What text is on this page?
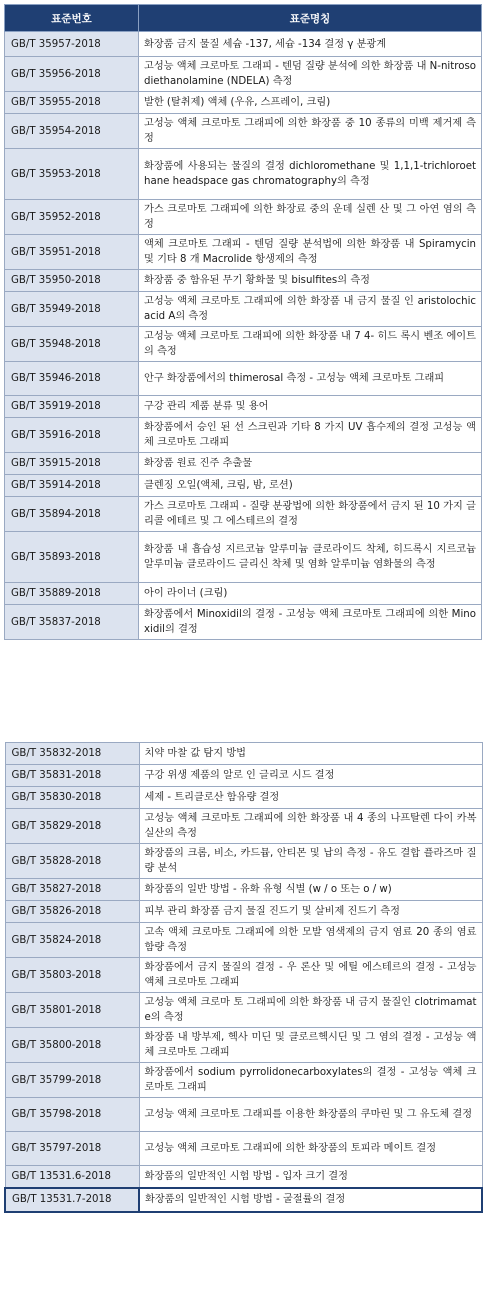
표준번호	표준명칭
GB/T 35957-2018	화장품 금지 물질 세슘 -137, 세슘 -134 결정 γ 분광계
GB/T 35956-2018	고성능 액체 크로마토 그래피 - 텐덤 질량 분석에 의한 화장품 내 N-nitrosodiethanolamine (NDELA) 측정
GB/T 35955-2018	발한 (탈취제) 액체 (우유, 스프레이, 크림)
GB/T 35954-2018	고성능 액체 크로마토 그래피에 의한 화장품 중 10 종류의 미백 제거제 측정
GB/T 35953-2018	화장품에 사용되는 물질의 결정 dichloromethane 및 1,1,1-trichloroethane headspace gas chromatography의 측정
GB/T 35952-2018	가스 크로마토 그래피에 의한 화장료 중의 운데 실렌 산 및 그 아연 염의 측정
GB/T 35951-2018	액체 크로마토 그래피 - 텐덤 질량 분석법에 의한 화장품 내 Spiramycin 및 기타 8 개 Macrolide 항생제의 측정
GB/T 35950-2018	화장품 중 함유된 무기 황화물 및 bisulfites의 측정
GB/T 35949-2018	고성능 액체 크로마토 그래피에 의한 화장품 내 금지 물질 인 aristolochic acid A의 측정
GB/T 35948-2018	고성능 액체 크로마토 그래피에 의한 화장품 내 7 4- 히드 록시 벤조 에이트의 측정
GB/T 35946-2018	안구 화장품에서의 thimerosal 측정 - 고성능 액체 크로마토 그래피
GB/T 35919-2018	구강 관리 제품 분류 및 용어
GB/T 35916-2018	화장품에서 승인 된 선 스크린과 기타 8 가지 UV 흡수제의 결정 고성능 액체 크로마토 그래피
GB/T 35915-2018	화장품 원료 진주 추출물
GB/T 35914-2018	클렌징 오일(액체, 크림, 밤, 로션)
GB/T 35894-2018	가스 크로마토 그래피 - 질량 분광법에 의한 화장품에서 금지 된 10 가지 글리콜 에테르 및 그 에스테르의 결정
GB/T 35893-2018	화장품 내 흡습성 지르코늄 알루미늄 클로라이드 착체, 히드록시 지르코늄 알루미늄 클로라이드 글리신 착체 및 염화 알루미늄 염화물의 측정
GB/T 35889-2018	아이 라이너 (크림)
GB/T 35837-2018	화장품에서 Minoxidil의 결정 - 고성능 액체 크로마토 그래피에 의한 Minoxidil의 결정
GB/T 35832-2018	치약 마찰 값 탐지 방법
GB/T 35831-2018	구강 위생 제품의 알로 인 글리코 시드 결정
GB/T 35830-2018	세제 - 트리클로산 함유량 결정
GB/T 35829-2018	고성능 액체 크로마토 그래피에 의한 화장품 내 4 종의 나프탈렌 다이 카복실산의 측정
GB/T 35828-2018	화장품의 크롬, 비소, 카드뮴, 안티몬 및 납의 측정 - 유도 결합 플라즈마 질량 분석
GB/T 35827-2018	화장품의 일반 방법 - 유화 유형 식별 (w / o 또는 o / w)
GB/T 35826-2018	피부 관리 화장품 금지 물질 진드기 및 살비제 진드기 측정
GB/T 35824-2018	고속 액체 크로마토 그래피에 의한 모발 염색제의 금지 염료 20 종의 염료 함량 측정
GB/T 35803-2018	화장품에서 금지 물질의 결정 - 우 론산 및 에틸 에스테르의 결정 - 고성능 액체 크로마토 그래피
GB/T 35801-2018	고성능 액체 크로마 토 그래피에 의한 화장품 내 금지 물질인 clotrimamate의 측정
GB/T 35800-2018	화장품 내 방부제, 헥사 미딘 및 클로르헥시딘 및 그 염의 결정 - 고성능 액체 크로마토 그래피
GB/T 35799-2018	화장품에서 sodium pyrrolidonecarboxylates의 결정 - 고성능 액체 크로마토 그래피
GB/T 35798-2018	고성능 액체 크로마토 그래피를 이용한 화장품의 쿠마린 및 그 유도체 결정
GB/T 35797-2018	고성능 액체 크로마토 그래피에 의한 화장품의 토피라 메이트 결정
GB/T 13531.6-2018	화장품의 일반적인 시험 방법 - 입자 크기 결정
GB/T 13531.7-2018	화장품의 일반적인 시험 방법 - 굴절률의 결정
